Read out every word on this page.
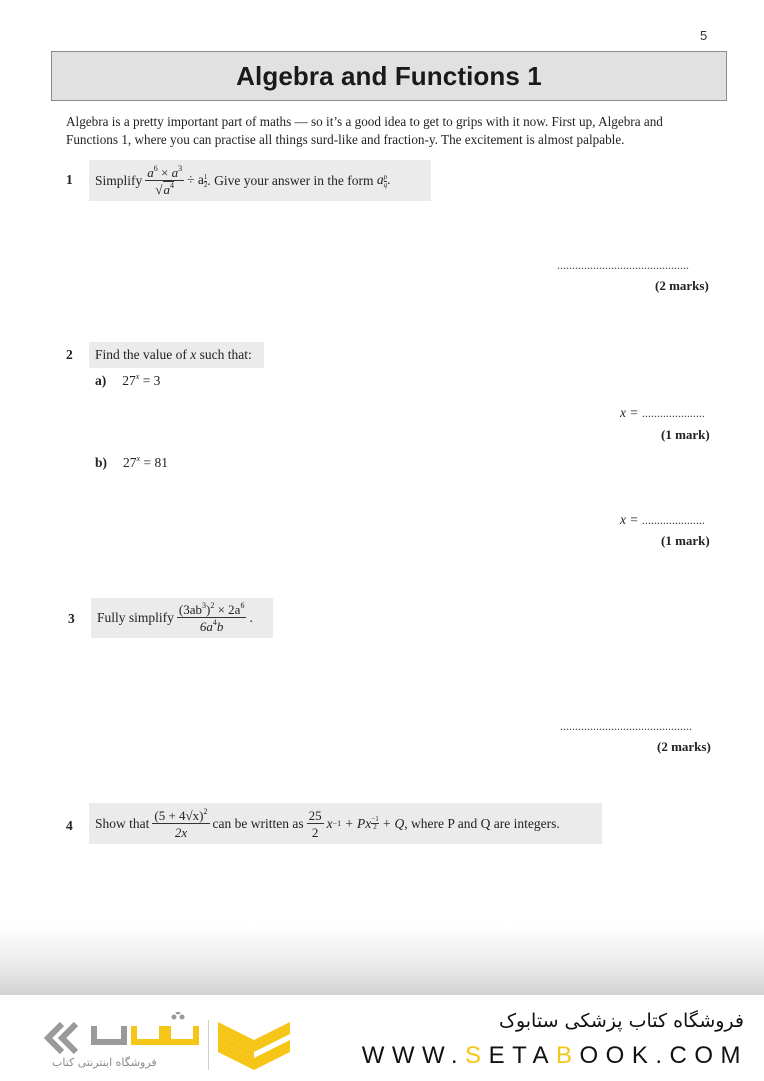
5
Algebra and Functions 1
Algebra is a pretty important part of maths — so it’s a good idea to get to grips with it now. First up, Algebra and Functions 1, where you can practise all things surd-like and fraction-y. The excitement is almost palpable.
1 Simplify $\frac{a^6 \times a^3}{√a^4} \div a \frac{1}{2}$ . Give your answer in the form
a $\frac{p}{q}$ .
............................................
(2 marks)
2 Find the value of
x
such that:
a) $27^x = 3$
x = .....................
(1 mark)
b) $27^x = 81$
x = .....................
(1 mark)
3 Fully simplify $\frac{(3ab^3)^2 \times 2a^6}{6a^4b}$ .
............................................
(2 marks)
4 Show that $\frac{(5 + 4√x)^2}{2x}$ can be written as $\frac{25}{2}$ x −1
+ Px −1
2
+ Q , where P and Q are integers.
فروشگاه اینترنتی کتاب
فروشگاه کتاب پزشکی ستابوک
WWW.SETABOOK.COM
